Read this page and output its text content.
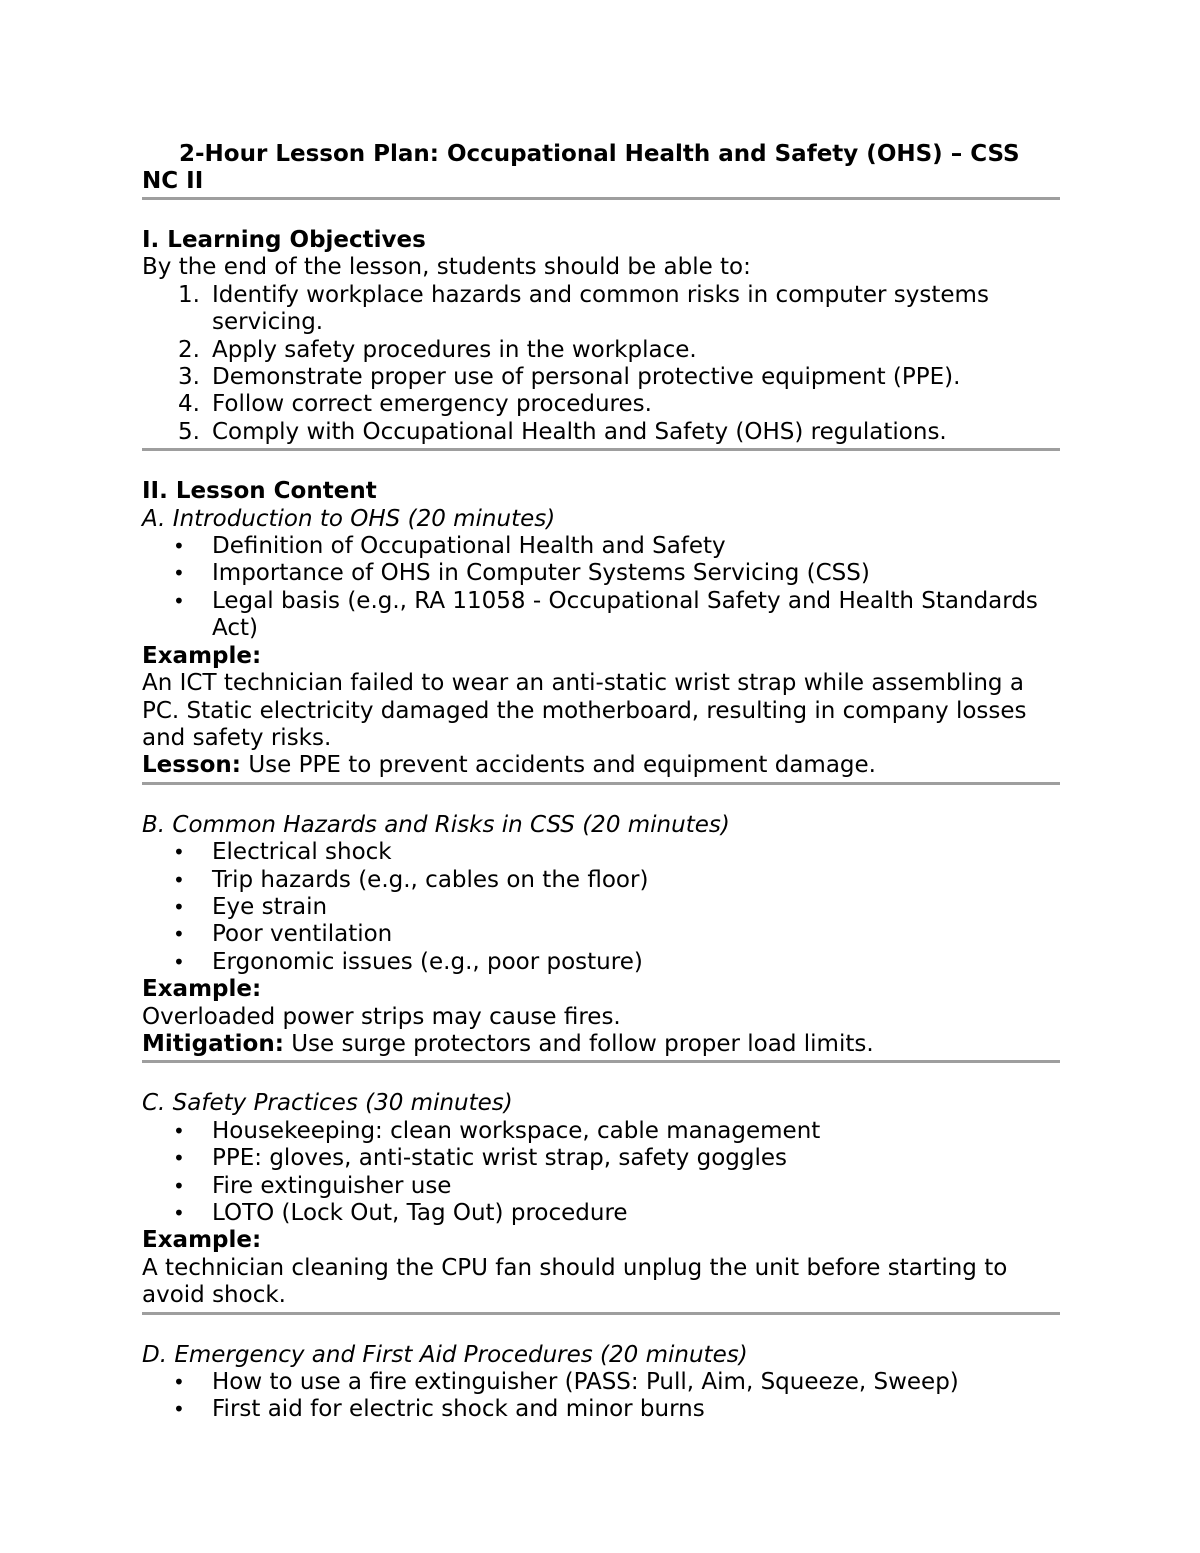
2-Hour Lesson Plan: Occupational Health and Safety (OHS) – CSS NC II

I. Learning Objectives

By the end of the lesson, students should be able to:

1. Identify workplace hazards and common risks in computer systems servicing.
2. Apply safety procedures in the workplace.
3. Demonstrate proper use of personal protective equipment (PPE).
4. Follow correct emergency procedures.
5. Comply with Occupational Health and Safety (OHS) regulations.
II. Lesson Content
A. Introduction to OHS (20 minutes)
• Definition of Occupational Health and Safety
• Importance of OHS in Computer Systems Servicing (CSS)
• Legal basis (e.g., RA 11058 - Occupational Safety and Health Standards Act)

Example:

An ICT technician failed to wear an anti-static wrist strap while assembling a PC. Static electricity damaged the motherboard, resulting in company losses and safety risks.

Lesson: Use PPE to prevent accidents and equipment damage.

B. Common Hazards and Risks in CSS (20 minutes)
• Electrical shock
• Trip hazards (e.g., cables on the floor)
• Eye strain
• Poor ventilation
• Ergonomic issues (e.g., poor posture)

Example:

Overloaded power strips may cause fires.

Mitigation: Use surge protectors and follow proper load limits.

C. Safety Practices (30 minutes)
• Housekeeping: clean workspace, cable management
• PPE: gloves, anti-static wrist strap, safety goggles
• Fire extinguisher use
• LOTO (Lock Out, Tag Out) procedure

Example:

A technician cleaning the CPU fan should unplug the unit before starting to avoid shock.

D. Emergency and First Aid Procedures (20 minutes)
• How to use a fire extinguisher (PASS: Pull, Aim, Squeeze, Sweep)
• First aid for electric shock and minor burns
